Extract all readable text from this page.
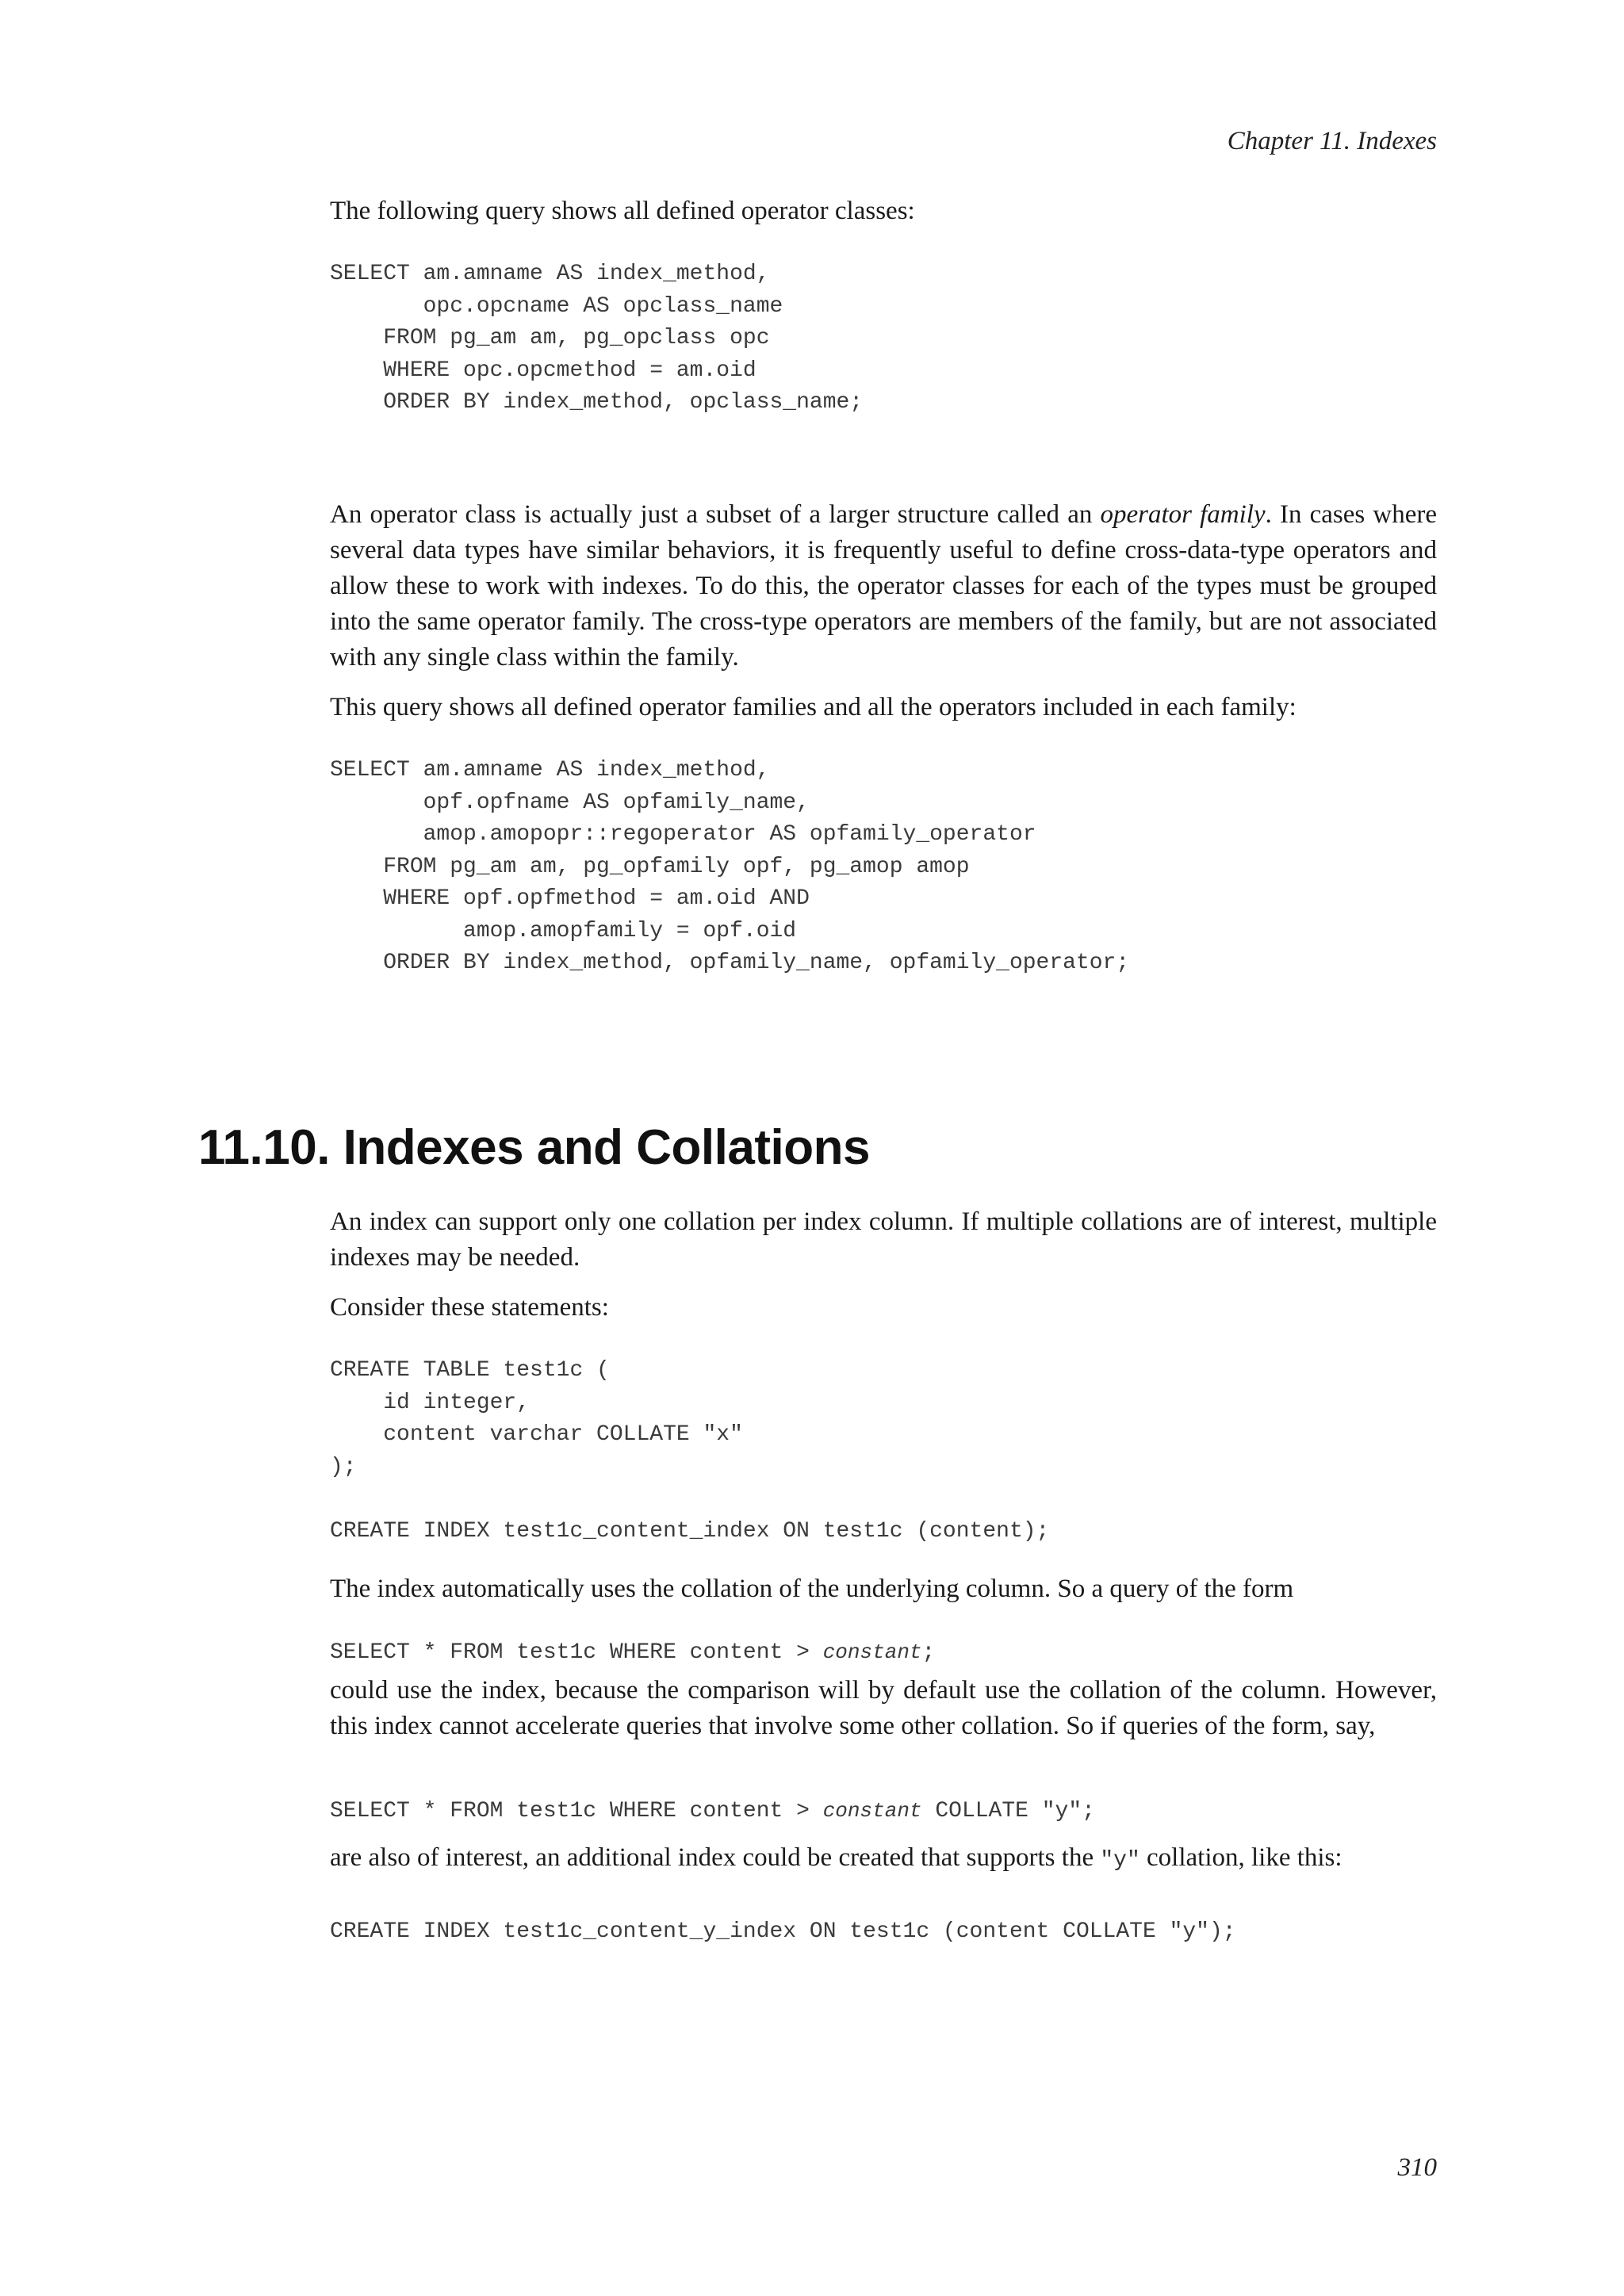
Chapter 11. Indexes

The following query shows all defined operator classes:

SELECT am.amname AS index_method,
opc.opcname AS opclass_name
FROM pg_am am, pg_opclass opc
WHERE opc.opcmethod = am.oid
ORDER BY index_method, opclass_name;

An operator class is actually just a subset of a larger structure called an operator family. In cases where several data types have similar behaviors, it is frequently useful to define cross-data-type operators and allow these to work with indexes. To do this, the operator classes for each of the types must be grouped into the same operator family. The cross-type operators are members of the family, but are not associated with any single class within the family.

This query shows all defined operator families and all the operators included in each family:

SELECT am.amname AS index_method,
opf.opfname AS opfamily_name,
amop.amopopr::regoperator AS opfamily_operator
FROM pg_am am, pg_opfamily opf, pg_amop amop
WHERE opf.opfmethod = am.oid AND
amop.amopfamily = opf.oid
ORDER BY index_method, opfamily_name, opfamily_operator;
11.10. Indexes and Collations

An index can support only one collation per index column. If multiple collations are of interest, multiple indexes may be needed.

Consider these statements:

CREATE TABLE test1c (
id integer,
content varchar COLLATE "x"
);

CREATE INDEX test1c_content_index ON test1c (content);

The index automatically uses the collation of the underlying column. So a query of the form

SELECT * FROM test1c WHERE content > constant;

could use the index, because the comparison will by default use the collation of the column. However, this index cannot accelerate queries that involve some other collation. So if queries of the form, say,

SELECT * FROM test1c WHERE content > constant COLLATE "y";

are also of interest, an additional index could be created that supports the "y" collation, like this:

CREATE INDEX test1c_content_y_index ON test1c (content COLLATE "y");
310
